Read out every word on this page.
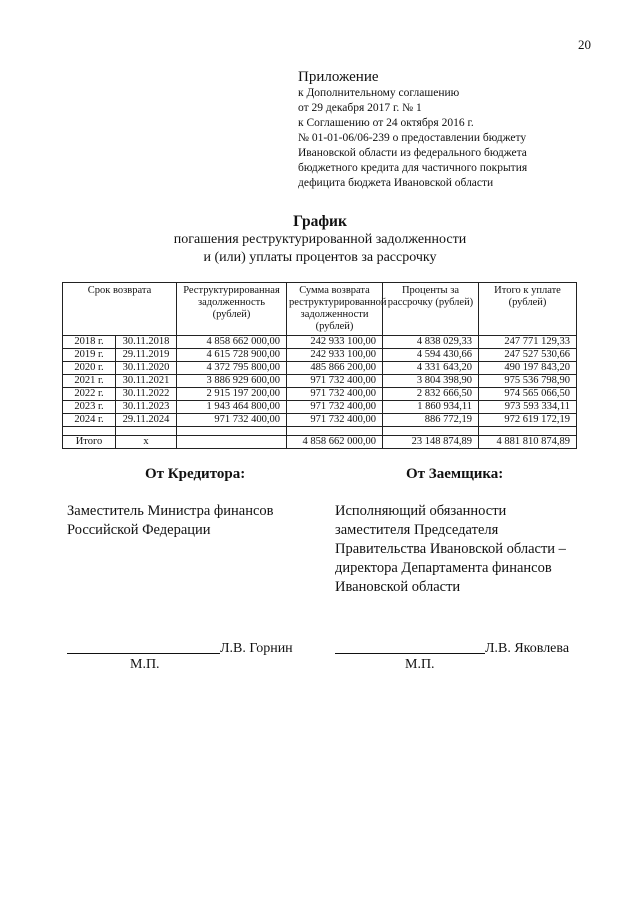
20
Приложение
к Дополнительному соглашению
от 29 декабря 2017 г. № 1
к Соглашению от 24 октября 2016 г.
№ 01-01-06/06-239 о предоставлении бюджету
Ивановской области из федерального бюджета
бюджетного кредита для частичного покрытия
дефицита бюджета Ивановской области
График
погашения реструктурированной задолженности
и (или) уплаты процентов за рассрочку
Срок возврата		Реструктурированная задолженность (рублей)	Сумма возврата реструктурированной задолженности (рублей)	Проценты за рассрочку (рублей)	Итого к уплате (рублей)
2018 г.	30.11.2018	4 858 662 000,00	242 933 100,00	4 838 029,33	247 771 129,33
2019 г.	29.11.2019	4 615 728 900,00	242 933 100,00	4 594 430,66	247 527 530,66
2020 г.	30.11.2020	4 372 795 800,00	485 866 200,00	4 331 643,20	490 197 843,20
2021 г.	30.11.2021	3 886 929 600,00	971 732 400,00	3 804 398,90	975 536 798,90
2022 г.	30.11.2022	2 915 197 200,00	971 732 400,00	2 832 666,50	974 565 066,50
2023 г.	30.11.2023	1 943 464 800,00	971 732 400,00	1 860 934,11	973 593 334,11
2024 г.	29.11.2024	971 732 400,00	971 732 400,00	886 772,19	972 619 172,19

Итого	x		4 858 662 000,00	23 148 874,89	4 881 810 874,89
От Кредитора:	От Заемщика:
Заместитель Министра финансов
Российской Федерации
Исполняющий обязанности
заместителя Председателя
Правительства Ивановской области –
директора Департамента финансов
Ивановской области
Л.В. Горнин	Л.В. Яковлева
М.П.	М.П.
